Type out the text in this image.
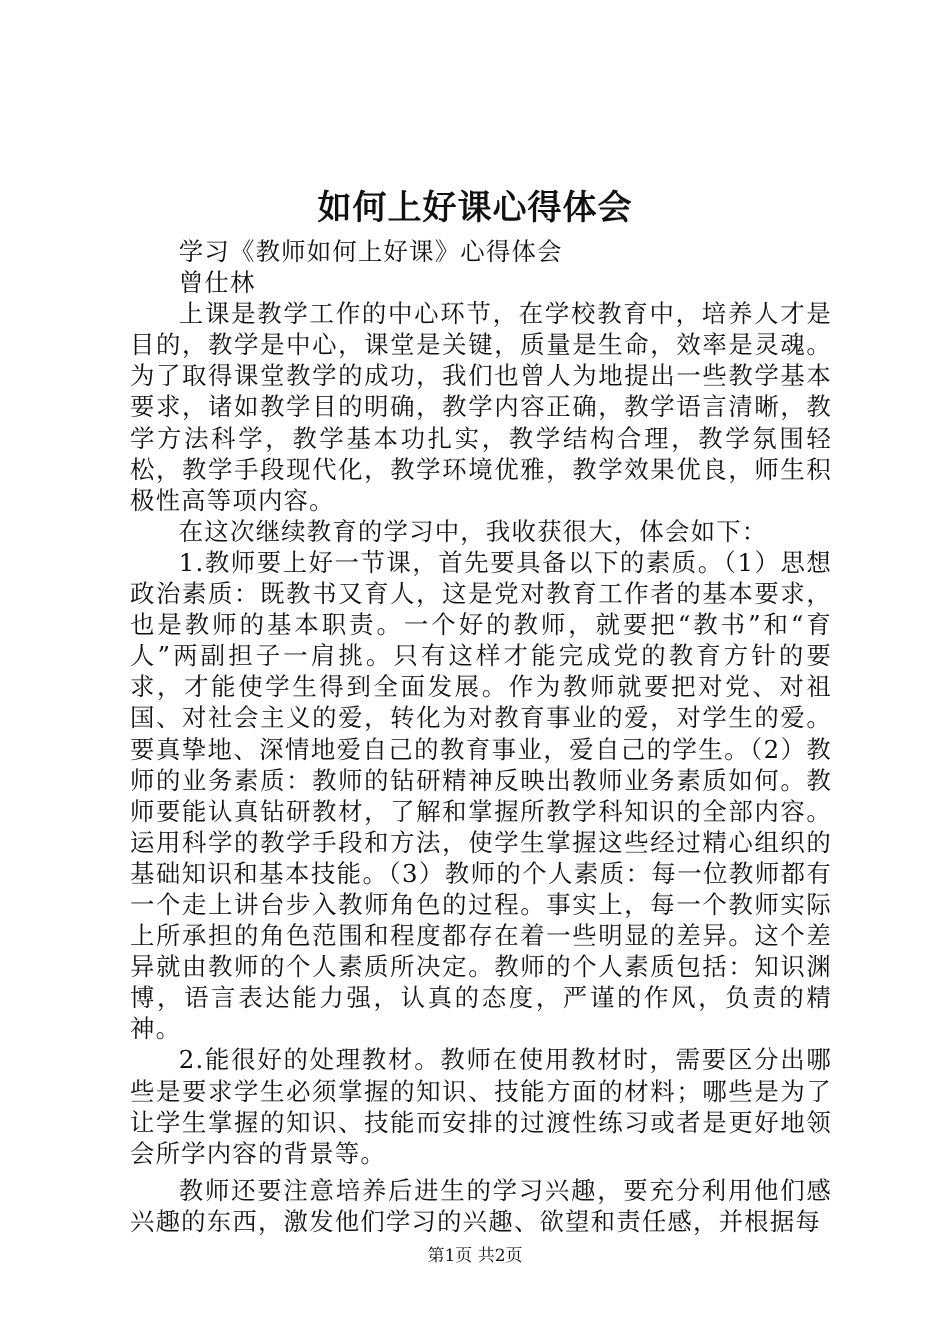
如何上好课心得体会

学习《教师如何上好课》心得体会

曾仕林

上课是教学工作的中心环节，在学校教育中，培养人才是目的，教学是中心，课堂是关键，质量是生命，效率是灵魂。为了取得课堂教学的成功，我们也曾人为地提出一些教学基本要求，诸如教学目的明确，教学内容正确，教学语言清晰，教学方法科学，教学基本功扎实，教学结构合理，教学氛围轻松，教学手段现代化，教学环境优雅，教学效果优良，师生积极性高等项内容。

在这次继续教育的学习中，我收获很大，体会如下：

1.教师要上好一节课，首先要具备以下的素质。（1）思想政治素质：既教书又育人，这是党对教育工作者的基本要求，也是教师的基本职责。一个好的教师，就要把“教书”和“育人”两副担子一肩挑。只有这样才能完成党的教育方针的要求，才能使学生得到全面发展。作为教师就要把对党、对祖国、对社会主义的爱，转化为对教育事业的爱，对学生的爱。要真挚地、深情地爱自己的教育事业，爱自己的学生。（2）教师的业务素质：教师的钻研精神反映出教师业务素质如何。教师要能认真钻研教材，了解和掌握所教学科知识的全部内容。运用科学的教学手段和方法，使学生掌握这些经过精心组织的基础知识和基本技能。（3）教师的个人素质：每一位教师都有一个走上讲台步入教师角色的过程。事实上，每一个教师实际上所承担的角色范围和程度都存在着一些明显的差异。这个差异就由教师的个人素质所决定。教师的个人素质包括：知识渊博，语言表达能力强，认真的态度，严谨的作风，负责的精神。

2.能很好的处理教材。教师在使用教材时，需要区分出哪些是要求学生必须掌握的知识、技能方面的材料；哪些是为了让学生掌握的知识、技能而安排的过渡性练习或者是更好地领会所学内容的背景等。

教师还要注意培养后进生的学习兴趣，要充分利用他们感兴趣的东西，激发他们学习的兴趣、欲望和责任感，并根据每

第1页 共2页
